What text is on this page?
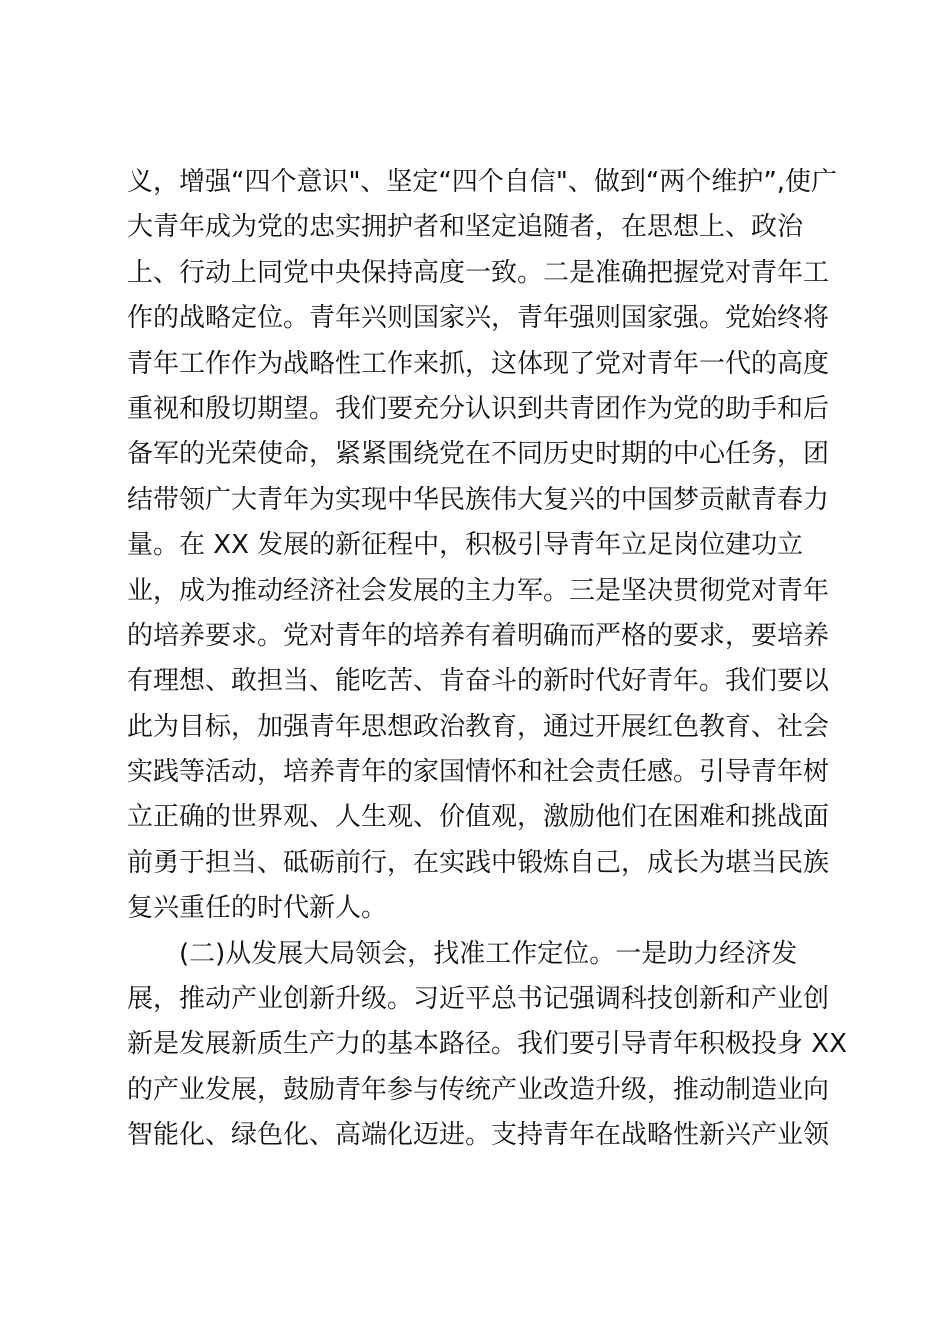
义，增强“四个意识"、坚定“四个自信"、做到“两个维护”,使广
大青年成为党的忠实拥护者和坚定追随者，在思想上、政治
上、行动上同党中央保持高度一致。二是准确把握党对青年工
作的战略定位。青年兴则国家兴，青年强则国家强。党始终将
青年工作作为战略性工作来抓，这体现了党对青年一代的高度
重视和殷切期望。我们要充分认识到共青团作为党的助手和后
备军的光荣使命，紧紧围绕党在不同历史时期的中心任务，团
结带领广大青年为实现中华民族伟大复兴的中国梦贡献青春力
量。在 XX 发展的新征程中，积极引导青年立足岗位建功立
业，成为推动经济社会发展的主力军。三是坚决贯彻党对青年
的培养要求。党对青年的培养有着明确而严格的要求，要培养
有理想、敢担当、能吃苦、肯奋斗的新时代好青年。我们要以
此为目标，加强青年思想政治教育，通过开展红色教育、社会
实践等活动，培养青年的家国情怀和社会责任感。引导青年树
立正确的世界观、人生观、价值观，激励他们在困难和挑战面
前勇于担当、砥砺前行，在实践中锻炼自己，成长为堪当民族
复兴重任的时代新人。
(二)从发展大局领会，找准工作定位。一是助力经济发
展，推动产业创新升级。习近平总书记强调科技创新和产业创
新是发展新质生产力的基本路径。我们要引导青年积极投身 XX
的产业发展，鼓励青年参与传统产业改造升级，推动制造业向
智能化、绿色化、高端化迈进。支持青年在战略性新兴产业领
